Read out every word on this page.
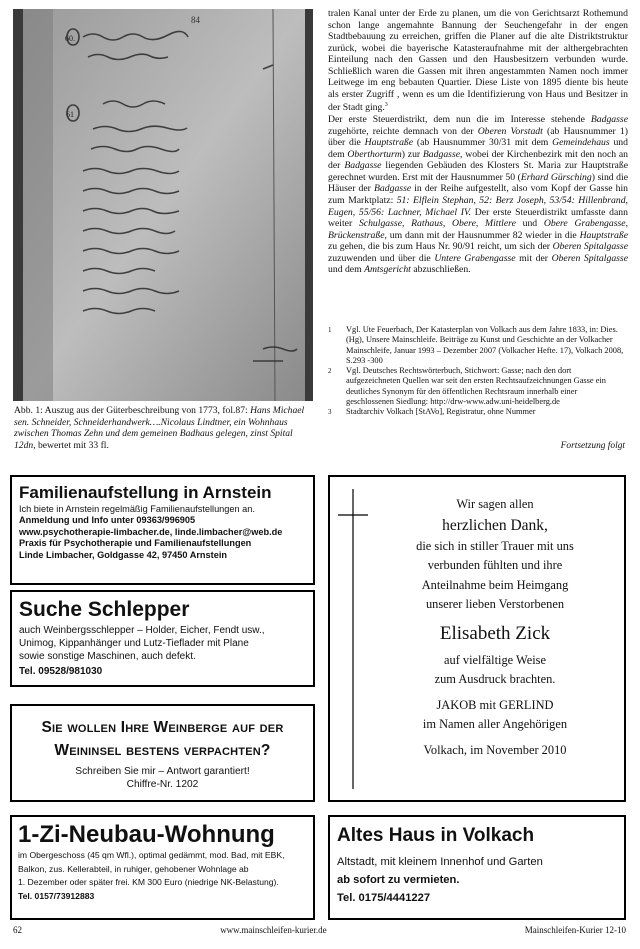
84
60.
61
Abb. 1: Auszug aus der Güterbeschreibung von 1773, fol.87: Hans Michael sen. Schneider, Schneiderhandwerk….Nicolaus Lindtner, ein Wohnhaus zwischen Thomas Zehn und dem gemeinen Badhaus gelegen, zinst Spital 12dn, bewertet mit 33 fl.

tralen Kanal unter der Erde zu planen, um die von Gerichtsarzt Rothemund schon lange angemahnte Bannung der Seuchengefahr in der engen Stadtbebauung zu erreichen, griffen die Planer auf die alte Distriktstruktur zurück, wobei die bayerische Katasteraufnahme mit der althergebrachten Einteilung nach den Gassen und den Hausbesitzern verbunden wurde. Schließlich waren die Gassen mit ihren angestammten Namen noch immer Leitwege im eng bebauten Quartier. Diese Liste von 1895 diente bis heute als erster Zugriff , wenn es um die Identifizierung von Haus und Besitzer in der Stadt ging.$^3$

Der erste Steuerdistrikt, dem nun die im Interesse stehende Badgasse zugehörte, reichte demnach von der Oberen Vorstadt (ab Hausnummer 1) über die Hauptstraße (ab Hausnummer 30/31 mit dem Gemeindehaus und dem Oberthorturm) zur Badgasse, wobei der Kirchenbezirk mit den noch an der Badgasse liegenden Gebäuden des Klosters St. Maria zur Hauptstraße gerechnet wurden. Erst mit der Hausnummer 50 (Erhard Gürsching) sind die Häuser der Badgasse in der Reihe aufgestellt, also vom Kopf der Gasse hin zum Marktplatz: 51: Elflein Stephan, 52: Berz Joseph, 53/54: Hillenbrand, Eugen, 55/56: Lachner, Michael IV. Der erste Steuerdistrikt umfasste dann weiter Schulgasse, Rathaus, Obere, Mittlere und Obere Grabengasse, Brückenstraße, um dann mit der Hausnummer 82 wieder in die Hauptstraße zu gehen, die bis zum Haus Nr. 90/91 reicht, um sich der Oberen Spitalgasse zuzuwenden und über die Untere Grabengasse mit der Oberen Spitalgasse und dem Amtsgericht abzuschließen.

1 Vgl. Ute Feuerbach, Der Katasterplan von Volkach aus dem Jahre 1833, in: Dies. (Hg), Unsere Mainschleife. Beiträge zu Kunst und Geschichte an der Volkacher Mainschleife, Januar 1993 – Dezember 2007 (Volkacher Hefte. 17), Volkach 2008, S.293 -300
2 Vgl. Deutsches Rechtswörterbuch, Stichwort: Gasse; nach den dort aufgezeichneten Quellen war seit den ersten Rechtsaufzeichnungen Gasse ein deutliches Synonym für den öffentlichen Rechtsraum innerhalb einer geschlossenen Siedlung: http://drw-www.adw.uni-heidelberg.de
3 Stadtarchiv Volkach [StAVo], Registratur, ohne Nummer
Fortsetzung folgt
Familienaufstellung in Arnstein
Ich biete in Arnstein regelmäßig Familienaufstellungen an.
Anmeldung und Info unter 09363/996905
www.psychotherapie-limbacher.de, linde.limbacher@web.de
Praxis für Psychotherapie und Familienaufstellungen
Linde Limbacher, Goldgasse 42, 97450 Arnstein
Suche Schlepper
auch Weinbergsschlepper – Holder, Eicher, Fendt usw.,
Unimog, Kippanhänger und Lutz-Tieflader mit Plane
sowie sonstige Maschinen, auch defekt.
Tel. 09528/981030
Sie wollen Ihre Weinberge auf der
Weininsel bestens verpachten?
Schreiben Sie mir – Antwort garantiert!
Chiffre-Nr. 1202
1-Zi-Neubau-Wohnung
im Obergeschoss (45 qm Wfl.), optimal gedämmt, mod. Bad, mit EBK,
Balkon, zus. Kellerabteil, in ruhiger, gehobener Wohnlage ab
1. Dezember oder später frei. KM 300 Euro (niedrige NK-Belastung).
Tel. 0157/73912883
Wir sagen allen
herzlichen Dank,
die sich in stiller Trauer mit uns
verbunden fühlten und ihre
Anteilnahme beim Heimgang
unserer lieben Verstorbenen
Elisabeth Zick
auf vielfältige Weise
zum Ausdruck brachten.
JAKOB mit GERLIND
im Namen aller Angehörigen
Volkach, im November 2010
Altes Haus in Volkach
Altstadt, mit kleinem Innenhof und Garten
ab sofort zu vermieten.
Tel. 0175/4441227
62	www.mainschleifen-kurier.de	Mainschleifen-Kurier 12-10
